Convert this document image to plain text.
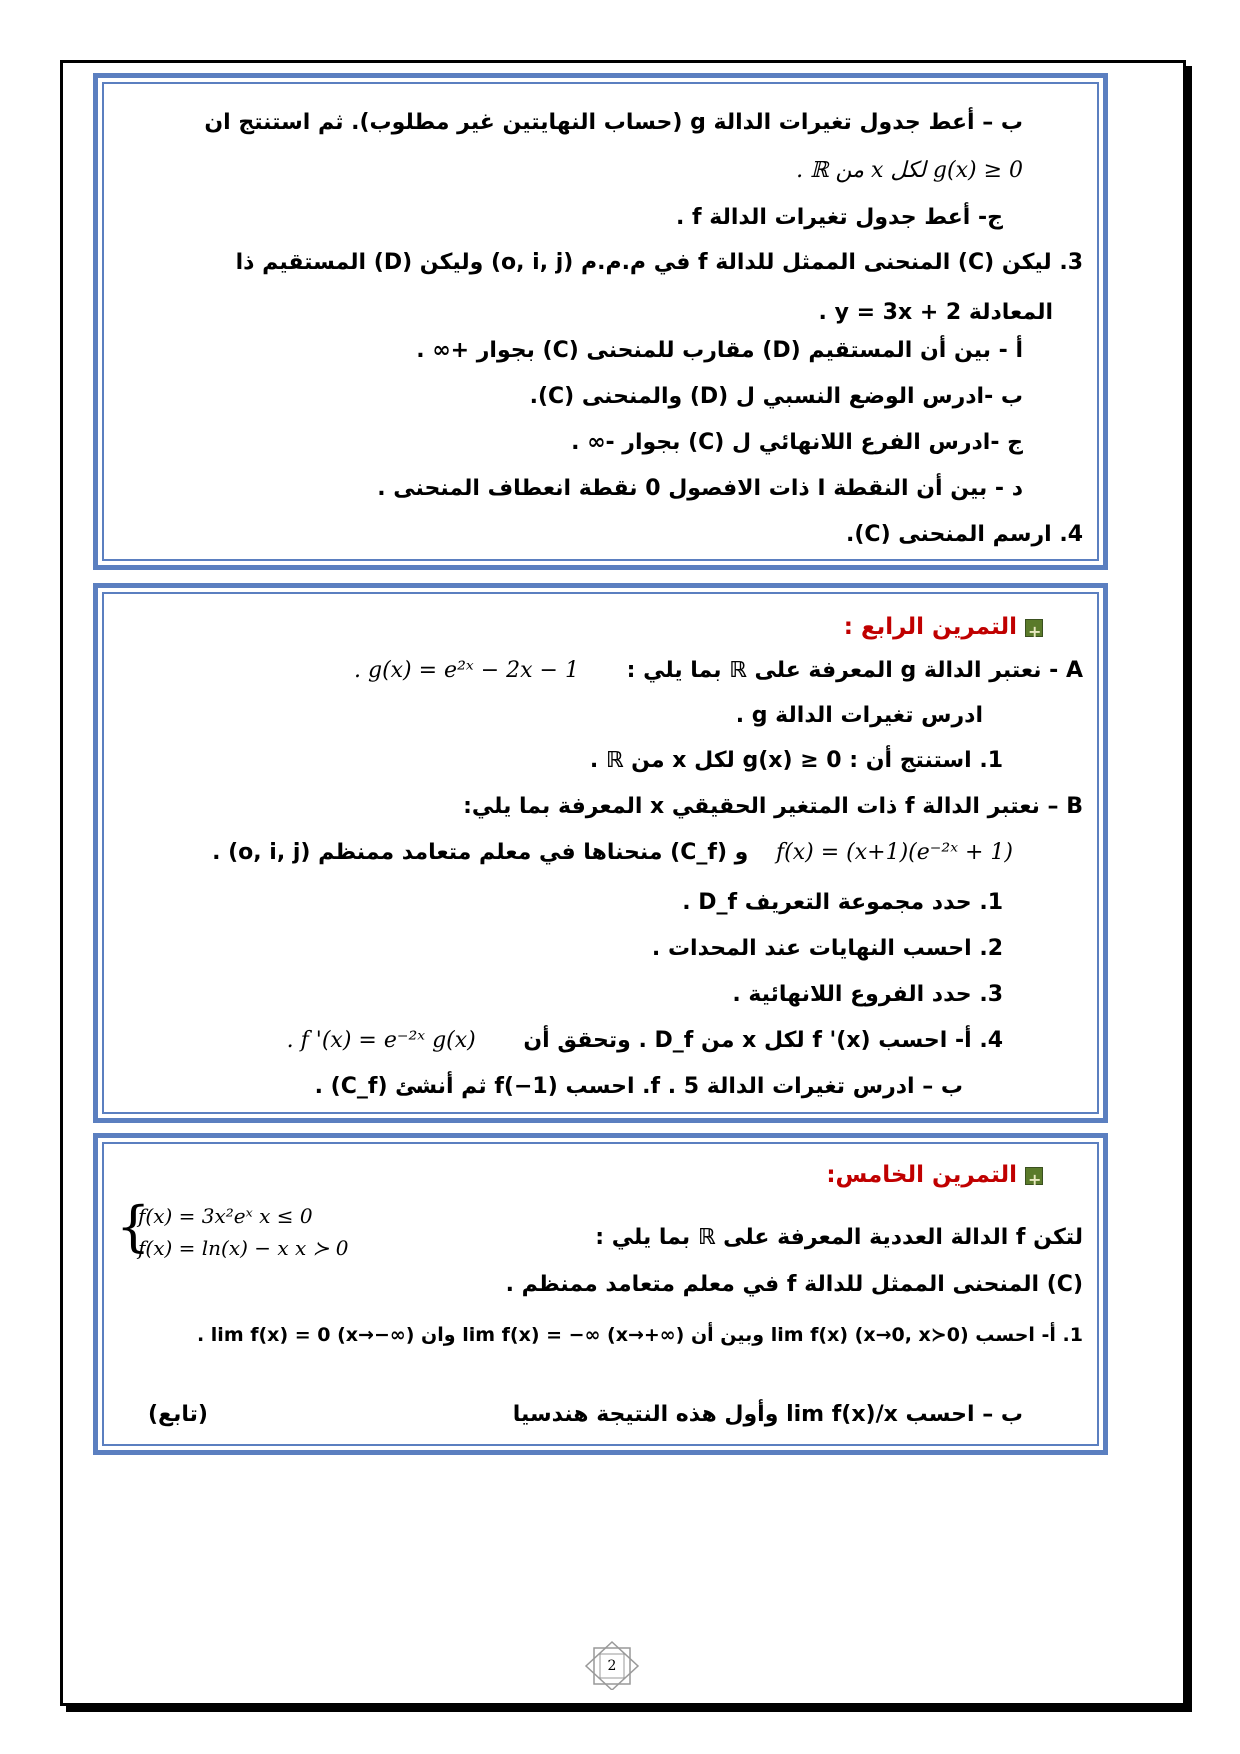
ب – أعط جدول تغيرات الدالة g (حساب النهايتين غير مطلوب). ثم استنتج ان
g(x) ≥ 0 لكل x من ℝ .
ج- أعط جدول تغيرات الدالة f .
3. ليكن (C) المنحنى الممثل للدالة f في م.م.م (o, i, j) وليكن (D) المستقيم ذا
المعادلة y = 3x + 2 .
أ - بين أن المستقيم (D) مقارب للمنحنى (C) بجوار +∞ .
ب -ادرس الوضع النسبي ل (D) والمنحنى (C).
ج -ادرس الفرع اللانهائي ل (C) بجوار -∞ .
د - بين أن النقطة I ذات الافصول 0 نقطة انعطاف المنحنى .
4. ارسم المنحنى (C).
+التمرين الرابع :
A - نعتبر الدالة g المعرفة على ℝ بما يلي : g(x) = e²ˣ − 2x − 1 .
ادرس تغيرات الدالة g .
1. استنتج أن : g(x) ≥ 0 لكل x من ℝ .
B – نعتبر الدالة f ذات المتغير الحقيقي x المعرفة بما يلي:
f(x) = (x+1)(e⁻²ˣ + 1) و (C_f) منحناها في معلم متعامد ممنظم (o, i, j) .
1. حدد مجموعة التعريف D_f .
2. احسب النهايات عند المحدات .
3. حدد الفروع اللانهائية .
4. أ- احسب f '(x) لكل x من D_f . وتحقق أن f '(x) = e⁻²ˣ g(x) .
ب – ادرس تغيرات الدالة f . 5. احسب f(−1) ثم أنشئ (C_f) .
+التمرين الخامس:
لتكن f الدالة العددية المعرفة على ℝ بما يلي :
{
f(x) = 3x²eˣ x ≤ 0
f(x) = ln(x) − x x ≻ 0
(C) المنحنى الممثل للدالة f في معلم متعامد ممنظم .
1. أ- احسب lim f(x) (x→0, x≻0) وبين أن lim f(x) = −∞ (x→+∞) وان lim f(x) = 0 (x→−∞) .
ب – احسب lim f(x)/x وأول هذه النتيجة هندسيا
(تابع)
2
